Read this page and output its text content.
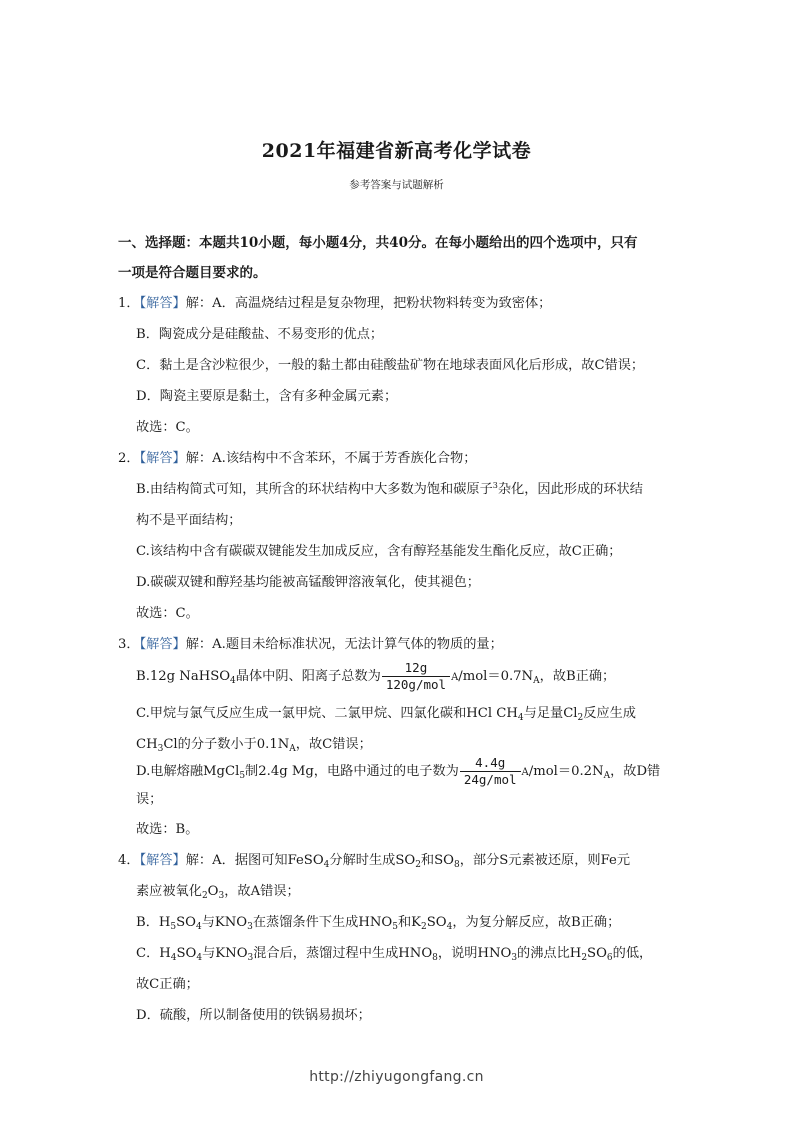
2021年福建省新高考化学试卷
参考答案与试题解析
一、选择题：本题共10小题，每小题4分，共40分。在每小题给出的四个选项中，只有
一项是符合题目要求的。
1．【解答】解：A．高温烧结过程是复杂物理，把粉状物料转变为致密体；
B．陶瓷成分是硅酸盐、不易变形的优点；
C．黏土是含沙粒很少，一般的黏土都由硅酸盐矿物在地球表面风化后形成，故C错误；
D．陶瓷主要原是黏土，含有多种金属元素；
故选：C。
2．【解答】解：A.该结构中不含苯环，不属于芳香族化合物；
B.由结构简式可知，其所含的环状结构中大多数为饱和碳原子$^3$杂化，因此形成的环状结
构不是平面结构；
C.该结构中含有碳碳双键能发生加成反应，含有醇羟基能发生酯化反应，故C正确；
D.碳碳双键和醇羟基均能被高锰酸钾溶液氧化，使其褪色；
故选：C。
3．【解答】解：A.题目未给标准状况，无法计算气体的物质的量；
B.12g NaHSO$_4$晶体中阴、阳离子总数为 $\frac{12g}{\text{120g/mol}} A/mol=0.7N_A$，故B正确；
C.甲烷与氯气反应生成一氯甲烷、二氯甲烷、四氯化碳和HCl $CH_4$与足量$Cl_2$反应生成
$CH_3Cl$的分子数小于$0.1N_A$，故C错误；
D.电解熔融MgCl$_5$制2.4g Mg，电路中通过的电子数为 $\frac{4.4g}{\text{24g/mol}} A/mol=0.2N_A$，故D错
误；
故选：B。
4．【解答】解：A．据图可知FeSO$_4$分解时生成$SO_2$和$SO_8$，部分S元素被还原，则Fe元
素应被氧化$_2O_3$，故A错误；
B．$H_5SO_4$与$KNO_3$在蒸馏条件下生成$HNO_5$和$K_2SO_4$，为复分解反应，故B正确；
C．$H_4SO_4$与$KNO_3$混合后，蒸馏过程中生成$HNO_8$，说明$HNO_3$的沸点比$H_2SO_6$的低，
故C正确；
D．硫酸，所以制备使用的铁锅易损坏；
http://zhiyugongfang.cn
